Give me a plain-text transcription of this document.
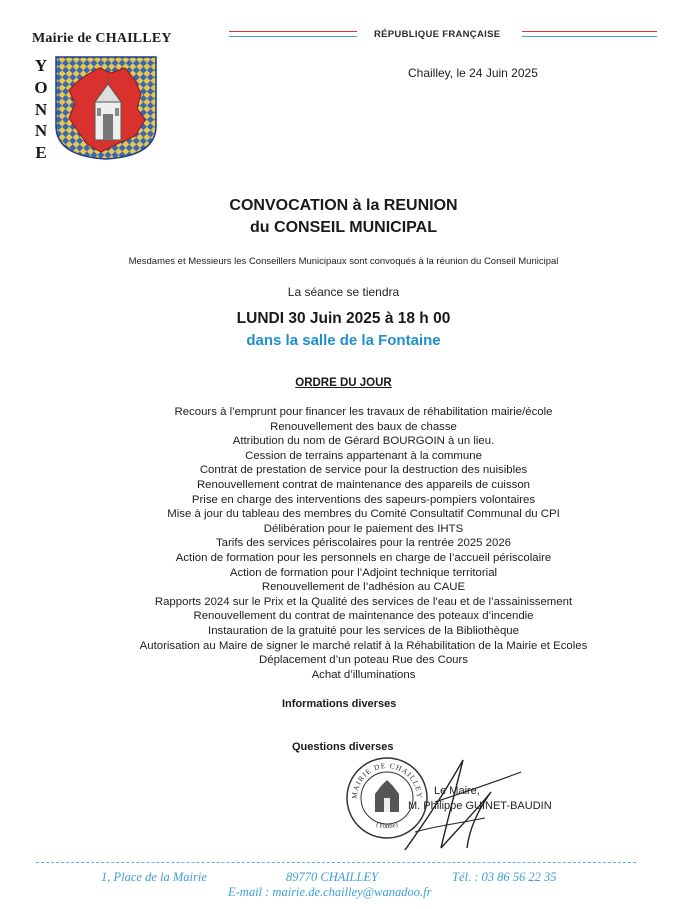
Mairie de CHAILLEY	RÉPUBLIQUE FRANÇAISE
Y
O
N
N
E
Chailley, le 24 Juin 2025
CONVOCATION à la REUNION
du CONSEIL MUNICIPAL
Mesdames et Messieurs les Conseillers Municipaux sont convoqués à la réunion du Conseil Municipal
La séance se tiendra
LUNDI 30 Juin 2025 à 18 h 00
dans la salle de la Fontaine
ORDRE DU JOUR
Recours à l’emprunt pour financer les travaux de réhabilitation mairie/école
Renouvellement des baux de chasse
Attribution du nom de Gérard BOURGOIN à un lieu.
Cession de terrains appartenant à la commune
Contrat de prestation de service pour la destruction des nuisibles
Renouvellement contrat de maintenance des appareils de cuisson
Prise en charge des interventions des sapeurs-pompiers volontaires
Mise à jour du tableau des membres du Comité Consultatif Communal du CPI
Délibération pour le paiement des IHTS
Tarifs des services périscolaires pour la rentrée 2025 2026
Action de formation pour les personnels en charge de l’accueil périscolaire
Action de formation pour l’Adjoint technique territorial
Renouvellement de l’adhésion au CAUE
Rapports 2024 sur le Prix et la Qualité des services de l’eau et de l’assainissement
Renouvellement du contrat de maintenance des poteaux d’incendie
Instauration de la gratuité pour les services de la Bibliothèque
Autorisation au Maire de signer le marché relatif à la Réhabilitation de la Mairie et Ecoles
Déplacement d’un poteau Rue des Cours
Achat d’illuminations
Informations diverses
Questions diverses
MAIRIE DE CHAILLEY
(Yonne)
Le Maire,
M. Philippe GUINET-BAUDIN
1, Place de la Mairie	89770 CHAILLEY	Tél. : 03 86 56 22 35
E-mail : mairie.de.chailley@wanadoo.fr
